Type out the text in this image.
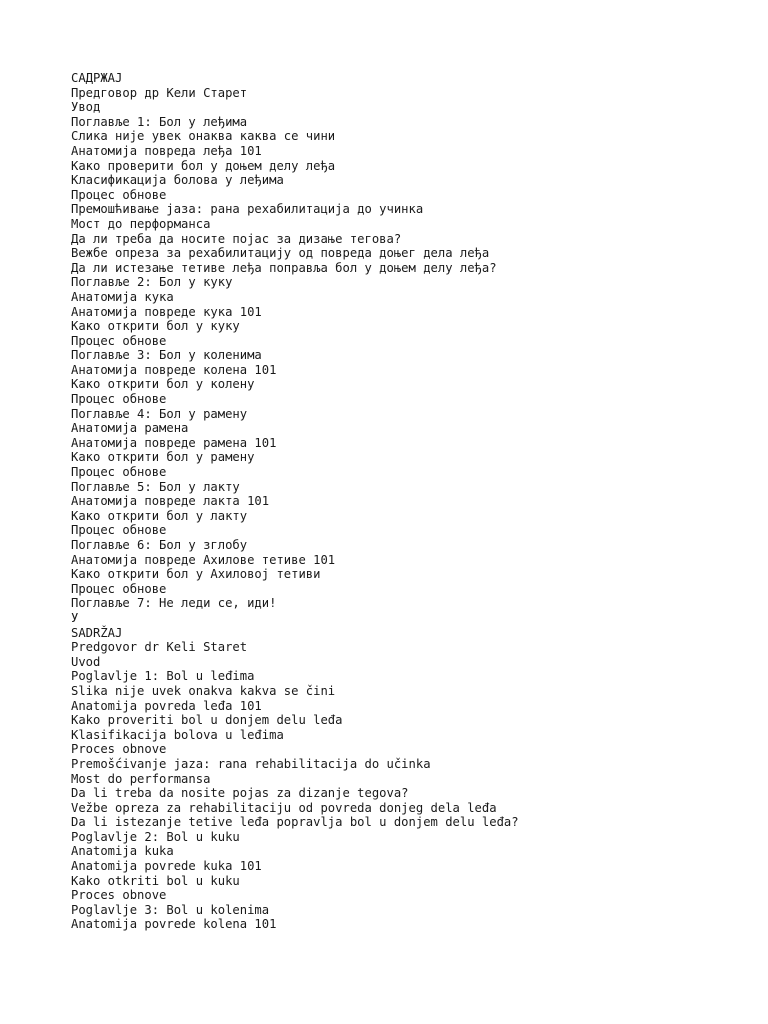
САДРЖАЈ
Предговор др Кели Старет
Увод
Поглавље 1: Бол у леђима
Слика није увек онаква каква се чини
Анатомија повреда леђа 101
Како проверити бол у доњем делу леђа
Класификација болова у леђима
Процес обнове
Премошћивање јаза: рана рехабилитација до учинка
Мост до перформанса
Да ли треба да носите појас за дизање тегова?
Вежбе опреза за рехабилитацију од повреда доњег дела леђа
Да ли истезање тетиве леђа поправља бол у доњем делу леђа?
Поглавље 2: Бол у куку
Анатомија кука
Анатомија повреде кука 101
Како открити бол у куку
Процес обнове
Поглавље 3: Бол у коленима
Анатомија повреде колена 101
Како открити бол у колену
Процес обнове
Поглавље 4: Бол у рамену
Анатомија рамена
Анатомија повреде рамена 101
Како открити бол у рамену
Процес обнове
Поглавље 5: Бол у лакту
Анатомија повреде лакта 101
Како открити бол у лакту
Процес обнове
Поглавље 6: Бол у зглобу
Анатомија повреде Ахилове тетиве 101
Како открити бол у Ахиловој тетиви
Процес обнове
Поглавље 7: Не леди се, иди!
У
SADRŽAJ
Predgovor dr Keli Staret
Uvod
Poglavlje 1: Bol u leđima
Slika nije uvek onakva kakva se čini
Anatomija povreda leđa 101
Kako proveriti bol u donjem delu leđa
Klasifikacija bolova u leđima
Proces obnove
Premošćivanje jaza: rana rehabilitacija do učinka
Most do performansa
Da li treba da nosite pojas za dizanje tegova?
Vežbe opreza za rehabilitaciju od povreda donjeg dela leđa
Da li istezanje tetive leđa popravlja bol u donjem delu leđa?
Poglavlje 2: Bol u kuku
Anatomija kuka
Anatomija povrede kuka 101
Kako otkriti bol u kuku
Proces obnove
Poglavlje 3: Bol u kolenima
Anatomija povrede kolena 101
